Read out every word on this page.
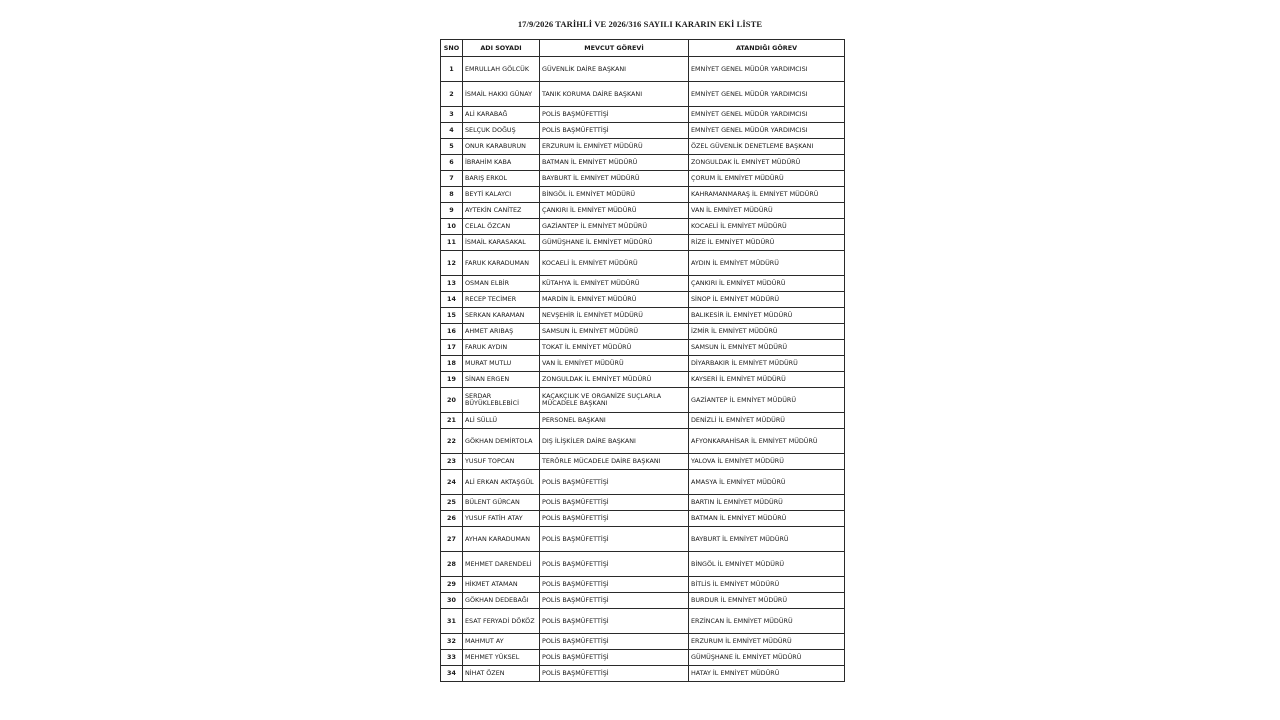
17/9/2026 TARİHLİ VE 2026/316 SAYILI KARARIN EKİ LİSTE
SNO	ADI SOYADI	MEVCUT GÖREVİ	ATANDIĞI GÖREV
1	EMRULLAH GÖLCÜK	GÜVENLİK DAİRE BAŞKANI	EMNİYET GENEL MÜDÜR YARDIMCISI
2	İSMAİL HAKKI GÜNAY	TANIK KORUMA DAİRE BAŞKANI	EMNİYET GENEL MÜDÜR YARDIMCISI
3	ALİ KARABAĞ	POLİS BAŞMÜFETTİŞİ	EMNİYET GENEL MÜDÜR YARDIMCISI
4	SELÇUK DOĞUŞ	POLİS BAŞMÜFETTİŞİ	EMNİYET GENEL MÜDÜR YARDIMCISI
5	ONUR KARABURUN	ERZURUM İL EMNİYET MÜDÜRÜ	ÖZEL GÜVENLİK DENETLEME BAŞKANI
6	İBRAHİM KABA	BATMAN İL EMNİYET MÜDÜRÜ	ZONGULDAK İL EMNİYET MÜDÜRÜ
7	BARIŞ ERKOL	BAYBURT İL EMNİYET MÜDÜRÜ	ÇORUM İL EMNİYET MÜDÜRÜ
8	BEYTİ KALAYCI	BİNGÖL İL EMNİYET MÜDÜRÜ	KAHRAMANMARAŞ İL EMNİYET MÜDÜRÜ
9	AYTEKİN CANİTEZ	ÇANKIRI İL EMNİYET MÜDÜRÜ	VAN İL EMNİYET MÜDÜRÜ
10	CELAL ÖZCAN	GAZİANTEP İL EMNİYET MÜDÜRÜ	KOCAELİ İL EMNİYET MÜDÜRÜ
11	İSMAİL KARASAKAL	GÜMÜŞHANE İL EMNİYET MÜDÜRÜ	RİZE İL EMNİYET MÜDÜRÜ
12	FARUK KARADUMAN	KOCAELİ İL EMNİYET MÜDÜRÜ	AYDIN İL EMNİYET MÜDÜRÜ
13	OSMAN ELBİR	KÜTAHYA İL EMNİYET MÜDÜRÜ	ÇANKIRI İL EMNİYET MÜDÜRÜ
14	RECEP TECİMER	MARDİN İL EMNİYET MÜDÜRÜ	SİNOP İL EMNİYET MÜDÜRÜ
15	SERKAN KARAMAN	NEVŞEHİR İL EMNİYET MÜDÜRÜ	BALIKESİR İL EMNİYET MÜDÜRÜ
16	AHMET ARIBAŞ	SAMSUN İL EMNİYET MÜDÜRÜ	İZMİR İL EMNİYET MÜDÜRÜ
17	FARUK AYDIN	TOKAT İL EMNİYET MÜDÜRÜ	SAMSUN İL EMNİYET MÜDÜRÜ
18	MURAT MUTLU	VAN İL EMNİYET MÜDÜRÜ	DİYARBAKIR İL EMNİYET MÜDÜRÜ
19	SİNAN ERGEN	ZONGULDAK İL EMNİYET MÜDÜRÜ	KAYSERİ İL EMNİYET MÜDÜRÜ
20	SERDAR BÜYÜKLEBLEBİCİ	KAÇAKÇILIK VE ORGANİZE SUÇLARLA MÜCADELE BAŞKANI	GAZİANTEP İL EMNİYET MÜDÜRÜ
21	ALİ SÜLLÜ	PERSONEL BAŞKANI	DENİZLİ İL EMNİYET MÜDÜRÜ
22	GÖKHAN DEMİRTOLA	DIŞ İLİŞKİLER DAİRE BAŞKANI	AFYONKARAHİSAR İL EMNİYET MÜDÜRÜ
23	YUSUF TOPCAN	TERÖRLE MÜCADELE DAİRE BAŞKANI	YALOVA İL EMNİYET MÜDÜRÜ
24	ALİ ERKAN AKTAŞGÜL	POLİS BAŞMÜFETTİŞİ	AMASYA İL EMNİYET MÜDÜRÜ
25	BÜLENT GÜRCAN	POLİS BAŞMÜFETTİŞİ	BARTIN İL EMNİYET MÜDÜRÜ
26	YUSUF FATİH ATAY	POLİS BAŞMÜFETTİŞİ	BATMAN İL EMNİYET MÜDÜRÜ
27	AYHAN KARADUMAN	POLİS BAŞMÜFETTİŞİ	BAYBURT İL EMNİYET MÜDÜRÜ
28	MEHMET DARENDELİ	POLİS BAŞMÜFETTİŞİ	BİNGÖL İL EMNİYET MÜDÜRÜ
29	HİKMET ATAMAN	POLİS BAŞMÜFETTİŞİ	BİTLİS İL EMNİYET MÜDÜRÜ
30	GÖKHAN DEDEBAĞI	POLİS BAŞMÜFETTİŞİ	BURDUR İL EMNİYET MÜDÜRÜ
31	ESAT FERYADİ DÖKÖZ	POLİS BAŞMÜFETTİŞİ	ERZİNCAN İL EMNİYET MÜDÜRÜ
32	MAHMUT AY	POLİS BAŞMÜFETTİŞİ	ERZURUM İL EMNİYET MÜDÜRÜ
33	MEHMET YÜKSEL	POLİS BAŞMÜFETTİŞİ	GÜMÜŞHANE İL EMNİYET MÜDÜRÜ
34	NİHAT ÖZEN	POLİS BAŞMÜFETTİŞİ	HATAY İL EMNİYET MÜDÜRÜ
